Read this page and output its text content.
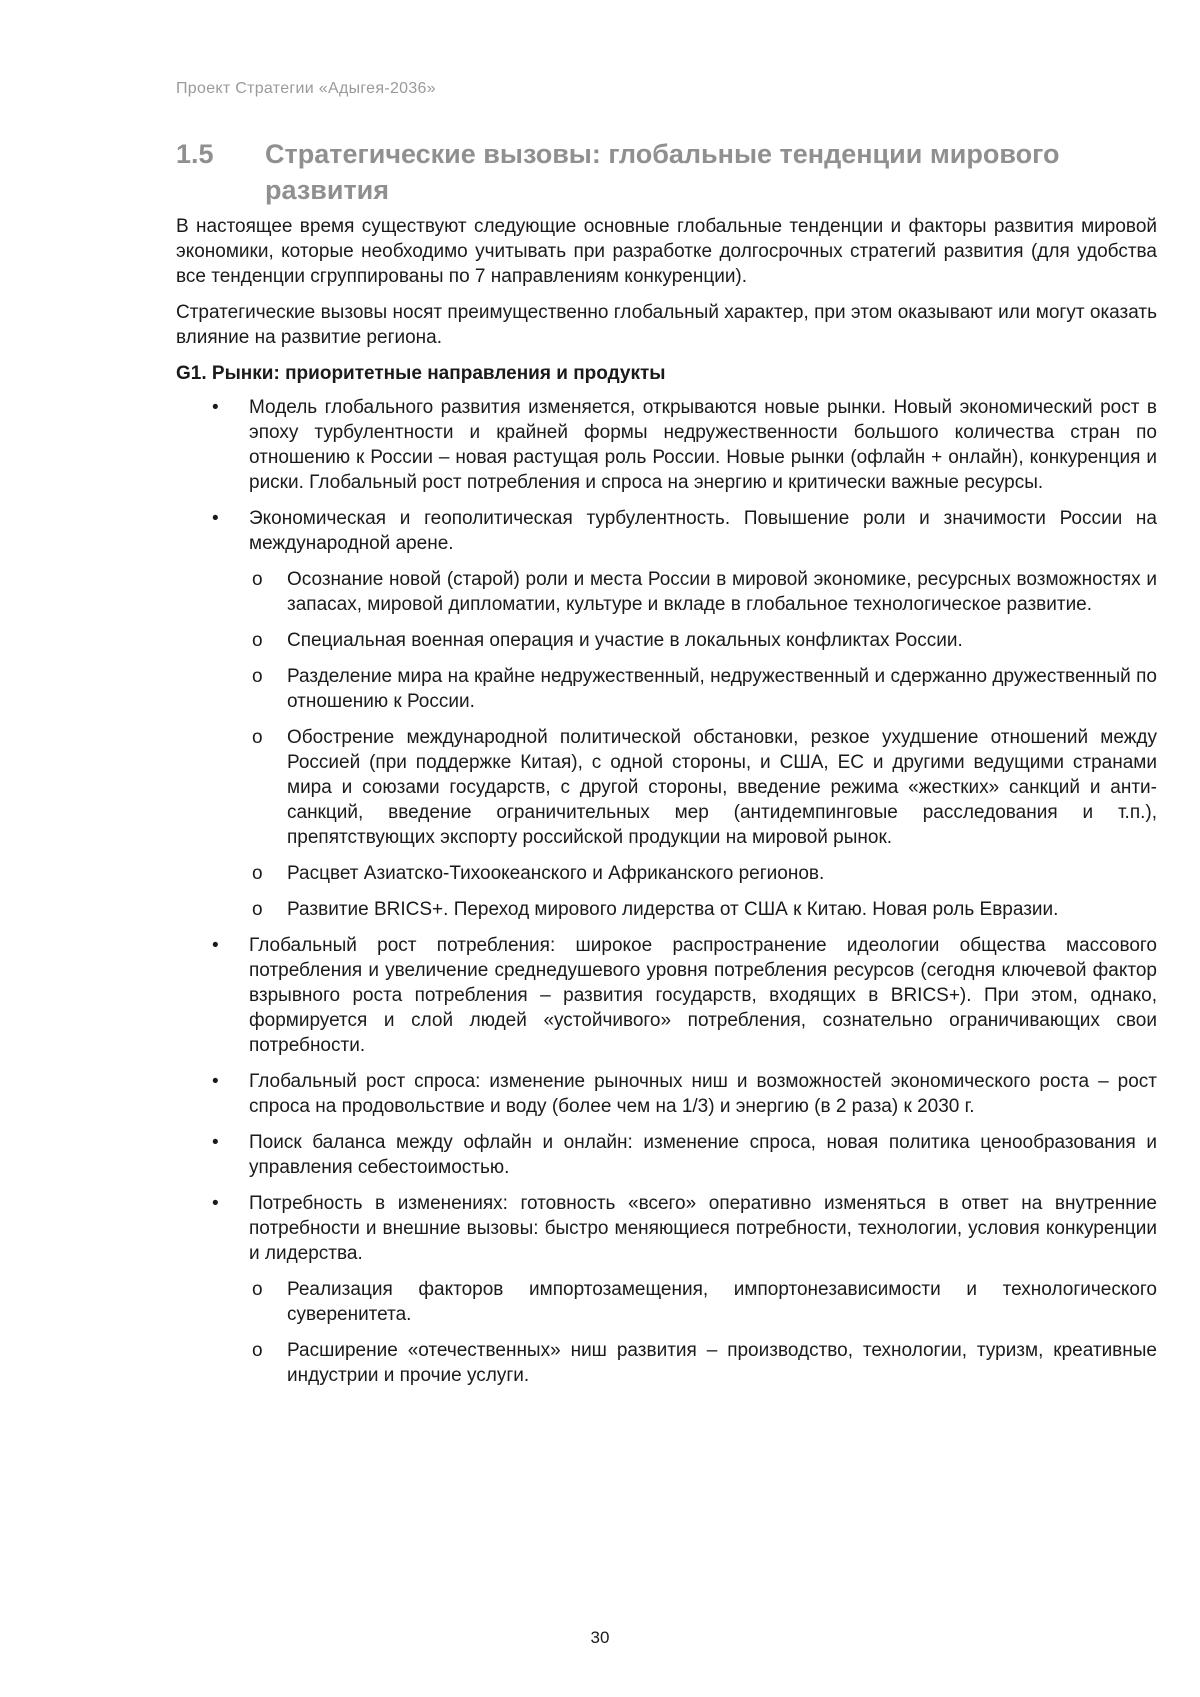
Проект Стратегии «Адыгея-2036»
1.5 Стратегические вызовы: глобальные тенденции мирового развития

В настоящее время существуют следующие основные глобальные тенденции и факторы развития мировой экономики, которые необходимо учитывать при разработке долгосрочных стратегий развития (для удобства все тенденции сгруппированы по 7 направлениям конкуренции).

Стратегические вызовы носят преимущественно глобальный характер, при этом оказывают или могут оказать влияние на развитие региона.

G1. Рынки: приоритетные направления и продукты
• Модель глобального развития изменяется, открываются новые рынки. Новый экономический рост в эпоху турбулентности и крайней формы недружественности большого количества стран по отношению к России – новая растущая роль России. Новые рынки (офлайн + онлайн), конкуренция и риски. Глобальный рост потребления и спроса на энергию и критически важные ресурсы.
• Экономическая и геополитическая турбулентность. Повышение роли и значимости России на международной арене.
o Осознание новой (старой) роли и места России в мировой экономике, ресурсных возможностях и запасах, мировой дипломатии, культуре и вкладе в глобальное технологическое развитие.
o Специальная военная операция и участие в локальных конфликтах России.
o Разделение мира на крайне недружественный, недружественный и сдержанно дружественный по отношению к России.
o Обострение международной политической обстановки, резкое ухудшение отношений между Россией (при поддержке Китая), с одной стороны, и США, ЕС и другими ведущими странами мира и союзами государств, с другой стороны, введение режима «жестких» санкций и анти-санкций, введение ограничительных мер (антидемпинговые расследования и т.п.), препятствующих экспорту российской продукции на мировой рынок.
o Расцвет Азиатско-Тихоокеанского и Африканского регионов.
o Развитие BRICS+. Переход мирового лидерства от США к Китаю. Новая роль Евразии.
• Глобальный рост потребления: широкое распространение идеологии общества массового потребления и увеличение среднедушевого уровня потребления ресурсов (сегодня ключевой фактор взрывного роста потребления – развития государств, входящих в BRICS+). При этом, однако, формируется и слой людей «устойчивого» потребления, сознательно ограничивающих свои потребности.
• Глобальный рост спроса: изменение рыночных ниш и возможностей экономического роста – рост спроса на продовольствие и воду (более чем на 1/3) и энергию (в 2 раза) к 2030 г.
• Поиск баланса между офлайн и онлайн: изменение спроса, новая политика ценообразования и управления себестоимостью.
• Потребность в изменениях: готовность «всего» оперативно изменяться в ответ на внутренние потребности и внешние вызовы: быстро меняющиеся потребности, технологии, условия конкуренции и лидерства.
o Реализация факторов импортозамещения, импортонезависимости и технологического суверенитета.
o Расширение «отечественных» ниш развития – производство, технологии, туризм, креативные индустрии и прочие услуги.
30
